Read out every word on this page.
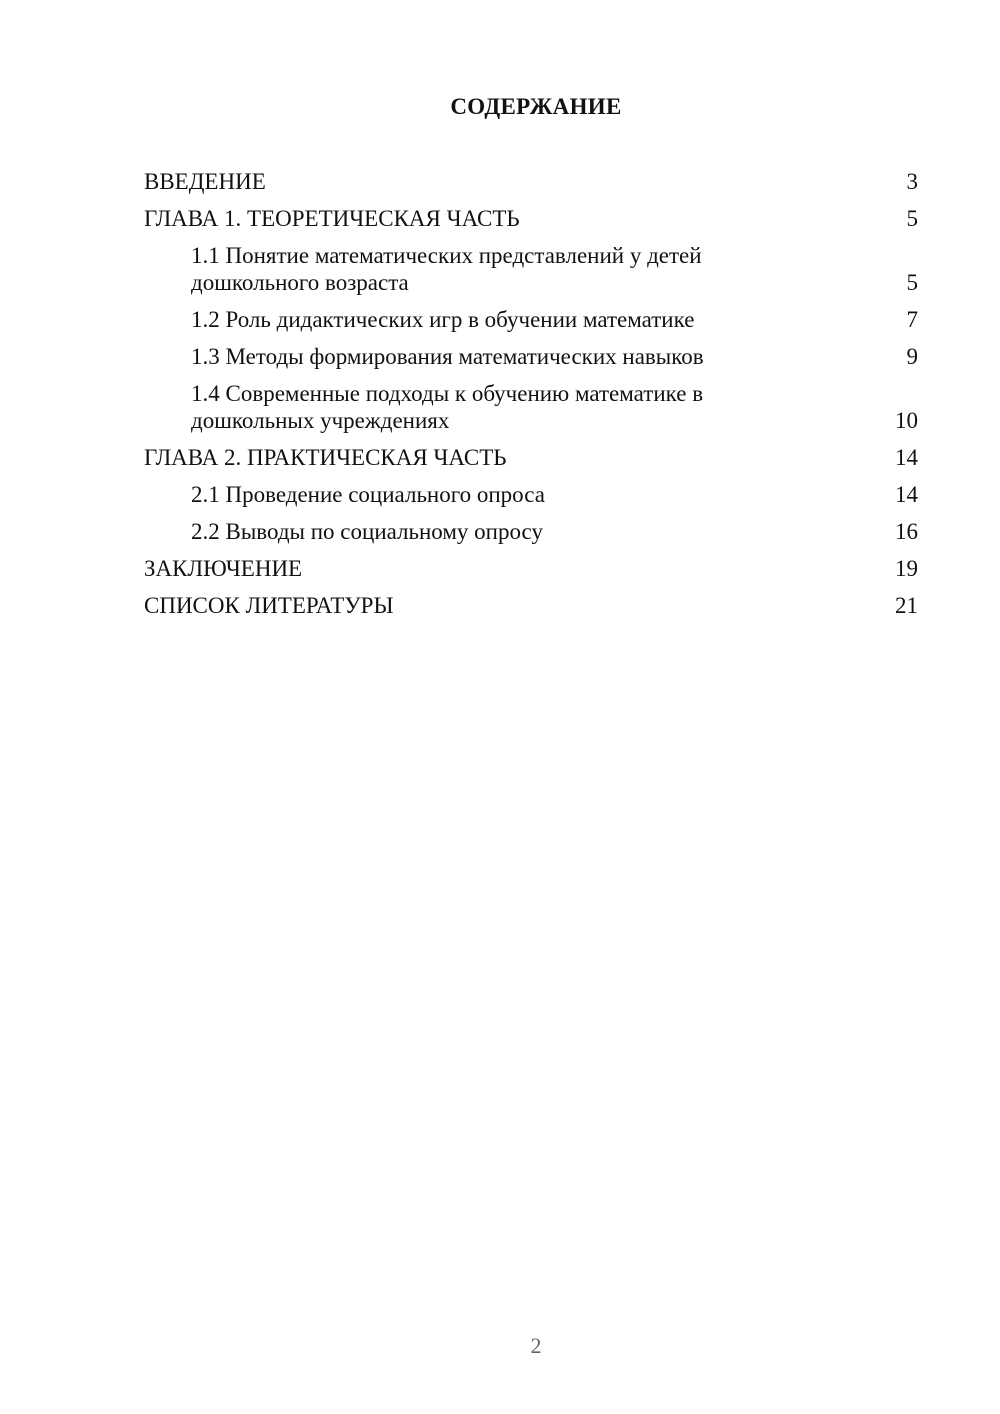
СОДЕРЖАНИЕ
ВВЕДЕНИЕ	3
ГЛАВА 1. ТЕОРЕТИЧЕСКАЯ ЧАСТЬ	5
1.1 Понятие математических представлений у детей дошкольного возраста	5
1.2 Роль дидактических игр в обучении математике	7
1.3 Методы формирования математических навыков	9
1.4 Современные подходы к обучению математике в дошкольных учреждениях	10
ГЛАВА 2. ПРАКТИЧЕСКАЯ ЧАСТЬ	14
2.1 Проведение социального опроса	14
2.2 Выводы по социальному опросу	16
ЗАКЛЮЧЕНИЕ	19
СПИСОК ЛИТЕРАТУРЫ	21
2
